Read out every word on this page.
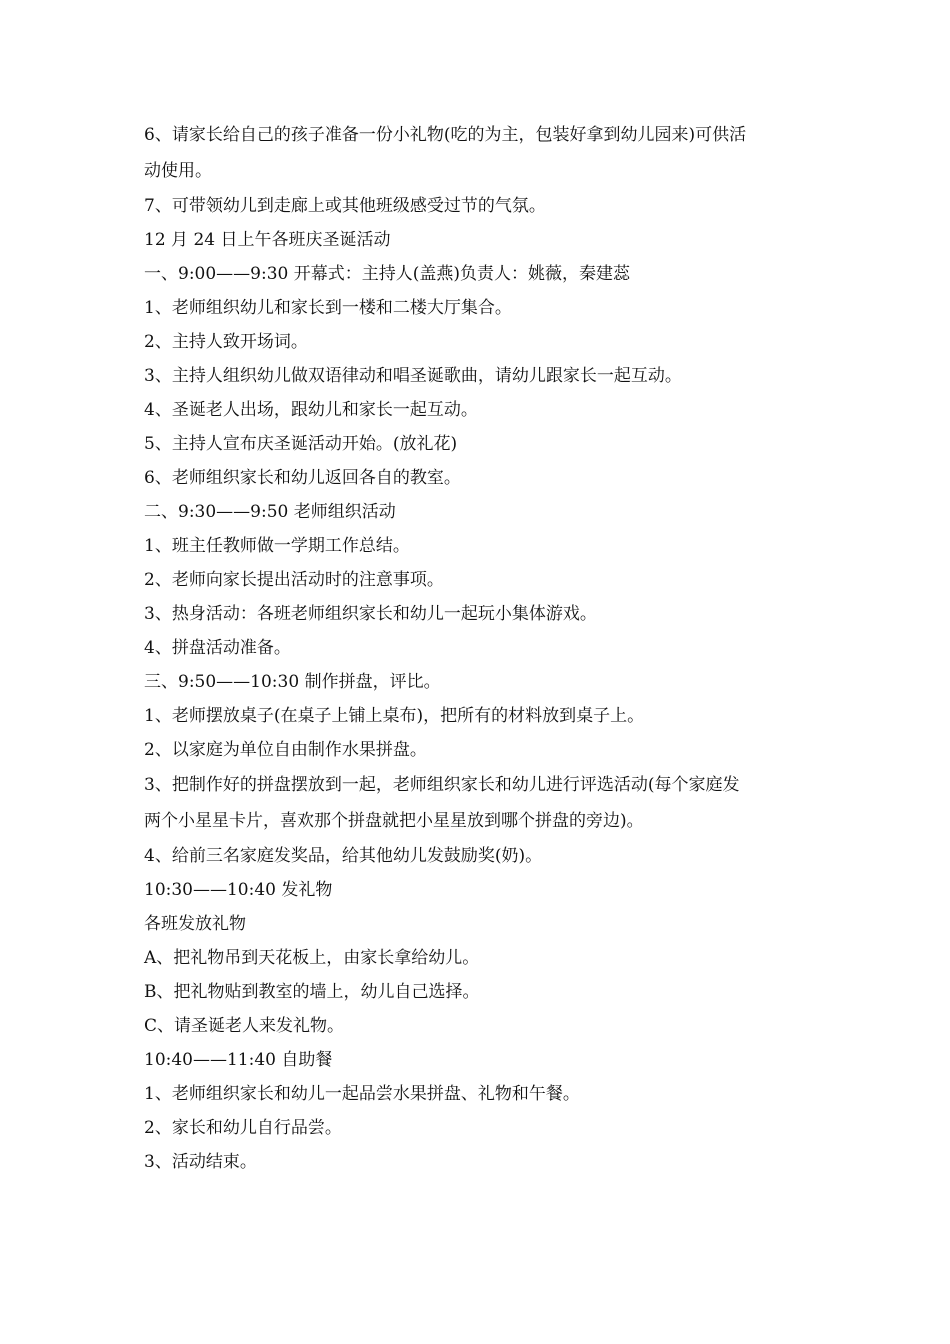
6、请家长给自己的孩子准备一份小礼物(吃的为主，包装好拿到幼儿园来)可供活
动使用。
7、可带领幼儿到走廊上或其他班级感受过节的气氛。
12 月 24 日上午各班庆圣诞活动
一、9:00——9:30 开幕式：主持人(盖燕)负责人：姚薇，秦建蕊
1、老师组织幼儿和家长到一楼和二楼大厅集合。
2、主持人致开场词。
3、主持人组织幼儿做双语律动和唱圣诞歌曲，请幼儿跟家长一起互动。
4、圣诞老人出场，跟幼儿和家长一起互动。
5、主持人宣布庆圣诞活动开始。(放礼花)
6、老师组织家长和幼儿返回各自的教室。
二、9:30——9:50 老师组织活动
1、班主任教师做一学期工作总结。
2、老师向家长提出活动时的注意事项。
3、热身活动：各班老师组织家长和幼儿一起玩小集体游戏。
4、拼盘活动准备。
三、9:50——10:30 制作拼盘，评比。
1、老师摆放桌子(在桌子上铺上桌布)，把所有的材料放到桌子上。
2、以家庭为单位自由制作水果拼盘。
3、把制作好的拼盘摆放到一起，老师组织家长和幼儿进行评选活动(每个家庭发
两个小星星卡片，喜欢那个拼盘就把小星星放到哪个拼盘的旁边)。
4、给前三名家庭发奖品，给其他幼儿发鼓励奖(奶)。
10:30——10:40 发礼物
各班发放礼物
A、把礼物吊到天花板上，由家长拿给幼儿。
B、把礼物贴到教室的墙上，幼儿自己选择。
C、请圣诞老人来发礼物。
10:40——11:40 自助餐
1、老师组织家长和幼儿一起品尝水果拼盘、礼物和午餐。
2、家长和幼儿自行品尝。
3、活动结束。
